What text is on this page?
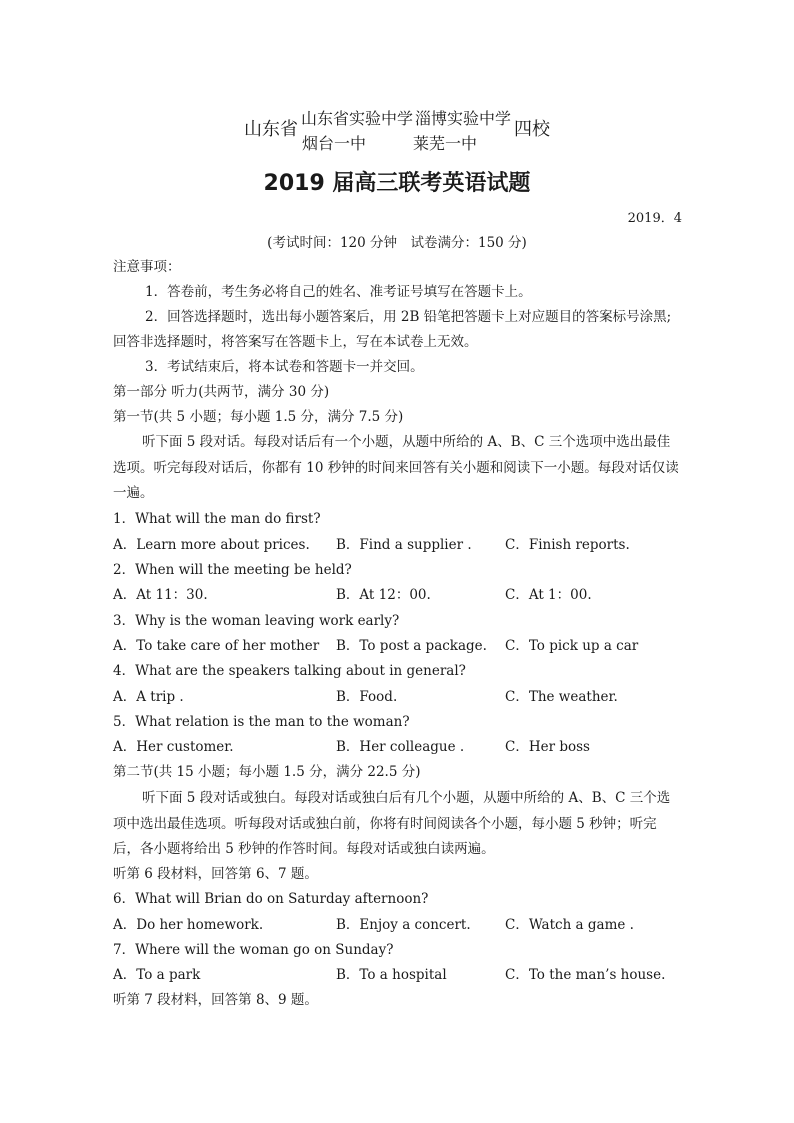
山东省
山东省实验中学 淄博实验中学
烟台一中	莱芜一中
四校
2019 届高三联考英语试题
2019．4
(考试时间：120 分钟　试卷满分：150 分)
注意事项：
1．答卷前，考生务必将自己的姓名、准考证号填写在答题卡上。
2．回答选择题时，选出每小题答案后，用 2B 铅笔把答题卡上对应题目的答案标号涂黑;
回答非选择题时，将答案写在答题卡上，写在本试卷上无效。
3．考试结束后，将本试卷和答题卡一并交回。
第一部分 听力(共两节，满分 30 分)
第一节(共 5 小题；每小题 1.5 分，满分 7.5 分)
听下面 5 段对话。每段对话后有一个小题，从题中所给的 A、B、C 三个选项中选出最佳选项。听完每段对话后，你都有 10 秒钟的时间来回答有关小题和阅读下一小题。每段对话仅读一遍。
1．What will the man do first?
A．Learn more about prices. B．Find a supplier . C．Finish reports.
2．When will the meeting be held?
A．At 11：30.	B．At 12：00.	C．At 1：00.
3．Why is the woman leaving work early?
A．To take care of her mother B．To post a package. C．To pick up a car
4．What are the speakers talking about in general?
A．A trip .	B．Food.	C．The weather.
5．What relation is the man to the woman?
A．Her customer.	B．Her colleague .	C．Her boss
第二节(共 15 小题；每小题 1.5 分，满分 22.5 分)
听下面 5 段对话或独白。每段对话或独白后有几个小题，从题中所给的 A、B、C 三个选项中选出最佳选项。听每段对话或独白前，你将有时间阅读各个小题，每小题 5 秒钟；听完后，各小题将给出 5 秒钟的作答时间。每段对话或独白读两遍。
听第 6 段材料，回答第 6、7 题。
6．What will Brian do on Saturday afternoon?
A．Do her homework.	B．Enjoy a concert.	C．Watch a game .
7．Where will the woman go on Sunday?
A．To a park	B．To a hospital	C．To the man’s house.
听第 7 段材料，回答第 8、9 题。
